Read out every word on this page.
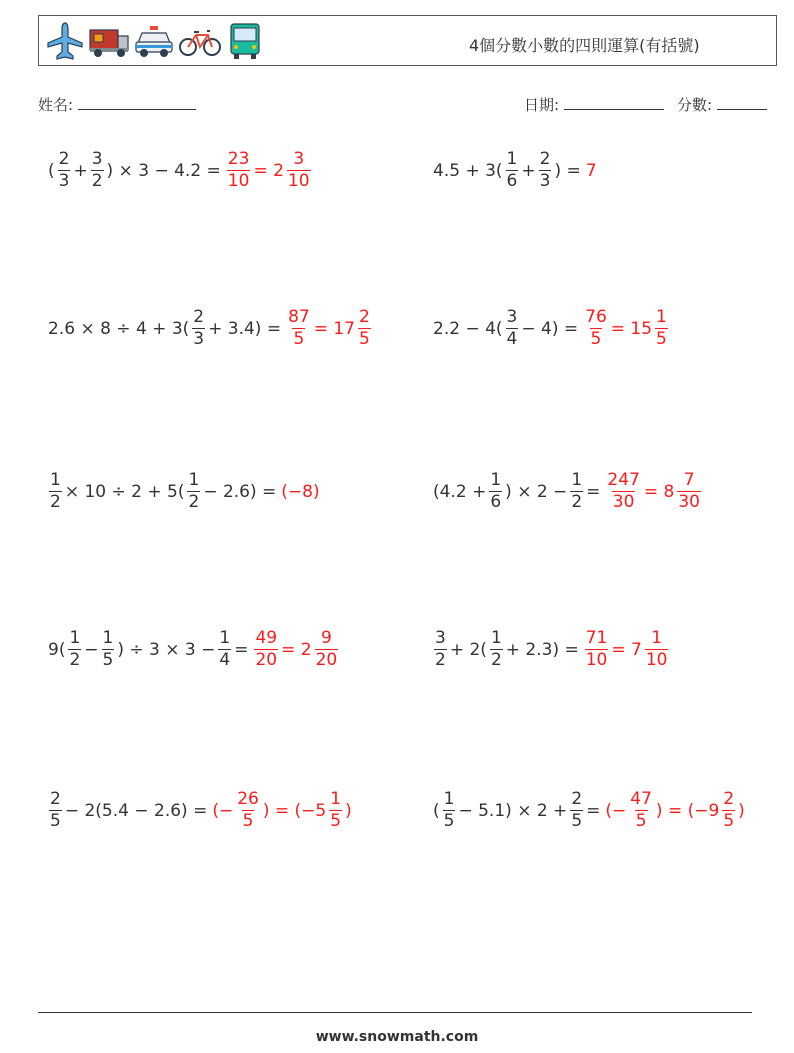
4個分數小數的四則運算(有括號)
姓名:	日期:	分數:
( $\frac{2}{3} + \frac{3}{2}$ ) × $3 - 4.2 = \frac{23}{10} = 2 \frac{3}{10}$	$4.5 + 3( \frac{1}{6} + \frac{2}{3}$ ) = 7
$2.6 \times 8 \div 4 + 3( \frac{2}{3} + 3.4) = \frac{87}{5} = 17 \frac{2}{5}$	$2.2 - 4( \frac{3}{4} - 4) = \frac{76}{5} = 15 \frac{1}{5}$
$\frac{1}{2} \times 10 \div 2 + 5( \frac{1}{2} - 2.6) = (-8)$	($4.2 + \frac{1}{6}$ ) × $2 - \frac{1}{2} = \frac{247}{30} = 8 \frac{7}{30}$
$9( \frac{1}{2} - \frac{1}{5}$ ) ÷ $3 \times 3 - \frac{1}{4} = \frac{49}{20} = 2 \frac{9}{20}$	$\frac{3}{2} + 2( \frac{1}{2} + 2.3) = \frac{71}{10} = 7 \frac{1}{10}$
$\frac{2}{5} - 2(5.4 - 2.6)$ = (− $\frac{26}{5}$ ) = ($-5 \frac{1}{5}$ )	( $\frac{1}{5} - 5.1) \times 2 + \frac{2}{5}$ = (− $\frac{47}{5}$ ) = ($-9 \frac{2}{5}$ )
www.snowmath.com
